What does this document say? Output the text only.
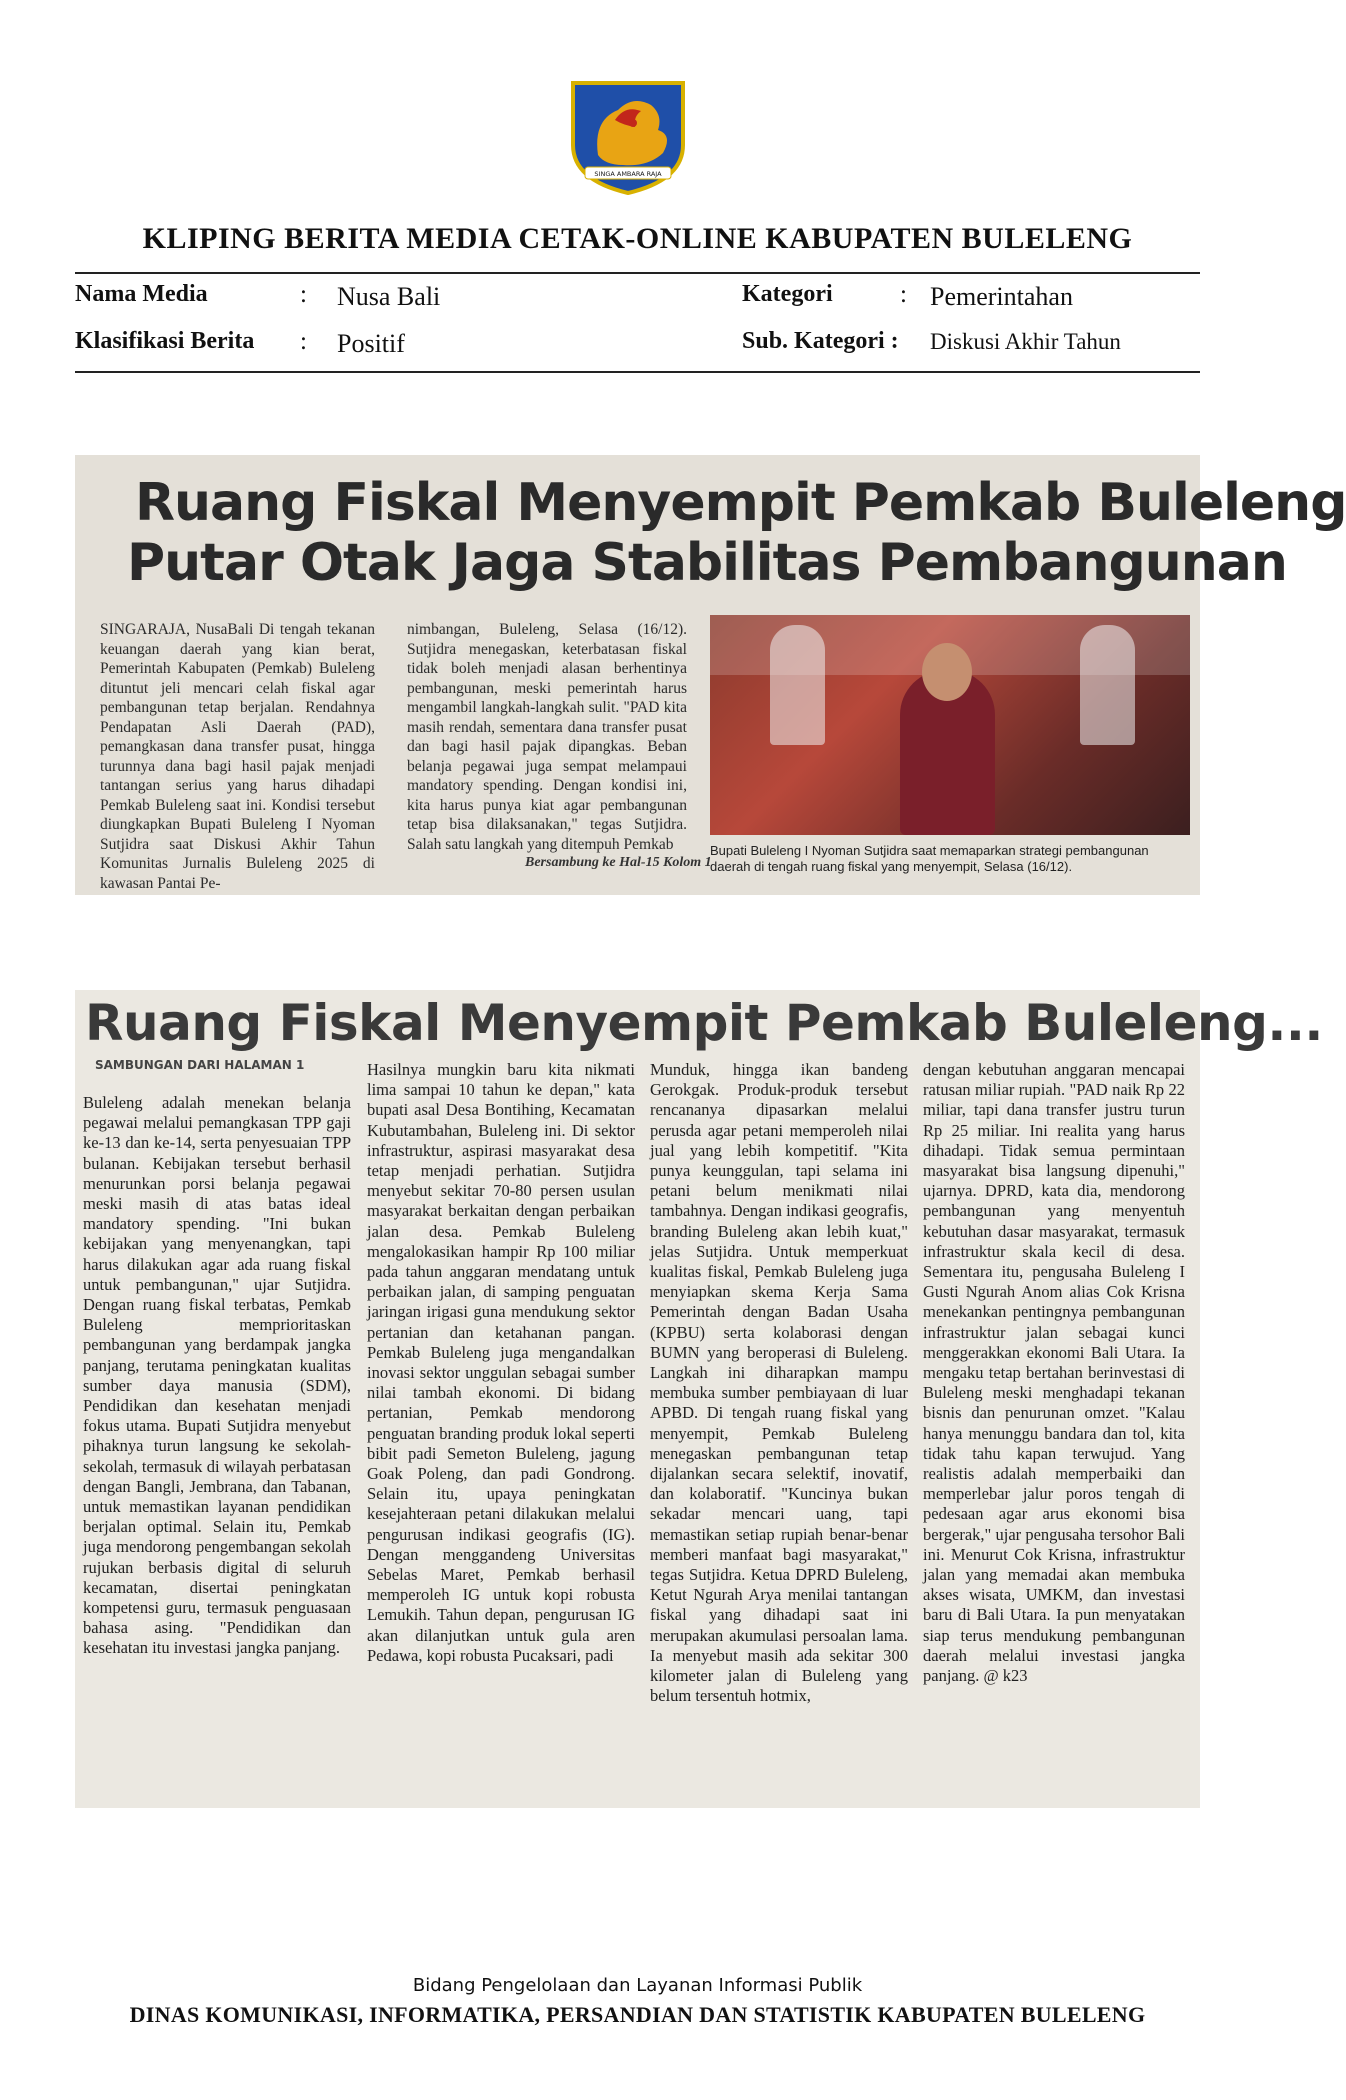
SINGA AMBARA RAJA
KLIPING BERITA MEDIA CETAK-ONLINE KABUPATEN BULELENG
Nama Media	: Nusa Bali
Klasifikasi Berita : Positif
Kategori	: Pemerintahan
Sub. Kategori : Diskusi Akhir Tahun
Ruang Fiskal Menyempit Pemkab Buleleng
Putar Otak Jaga Stabilitas Pembangunan

SINGARAJA, NusaBali Di tengah tekanan keuangan daerah yang kian berat, Pemerintah Kabupaten (Pemkab) Buleleng dituntut jeli mencari celah fiskal agar pembangunan tetap berjalan. Rendahnya Pendapatan Asli Daerah (PAD), pemangkasan dana transfer pusat, hingga turunnya dana bagi hasil pajak menjadi tantangan serius yang harus dihadapi Pemkab Buleleng saat ini. Kondisi tersebut diungkapkan Bupati Buleleng I Nyoman Sutjidra saat Diskusi Akhir Tahun Komunitas Jurnalis Buleleng 2025 di kawasan Pantai Pe-

nimbangan, Buleleng, Selasa (16/12). Sutjidra menegaskan, keterbatasan fiskal tidak boleh menjadi alasan berhentinya pembangunan, meski pemerintah harus mengambil langkah-langkah sulit. "PAD kita masih rendah, sementara dana transfer pusat dan bagi hasil pajak dipangkas. Beban belanja pegawai juga sempat melampaui mandatory spending. Dengan kondisi ini, kita harus punya kiat agar pembangunan tetap bisa dilaksanakan," tegas Sutjidra. Salah satu langkah yang ditempuh Pemkab

Bersambung ke Hal-15 Kolom 1
Bupati Buleleng I Nyoman Sutjidra saat memaparkan strategi pembangunan daerah di tengah ruang fiskal yang menyempit, Selasa (16/12).
Ruang Fiskal Menyempit Pemkab Buleleng...
SAMBUNGAN DARI HALAMAN 1

Buleleng adalah menekan belanja pegawai melalui pemangkasan TPP gaji ke-13 dan ke-14, serta penyesuaian TPP bulanan. Kebijakan tersebut berhasil menurunkan porsi belanja pegawai meski masih di atas batas ideal mandatory spending. "Ini bukan kebijakan yang menyenangkan, tapi harus dilakukan agar ada ruang fiskal untuk pembangunan," ujar Sutjidra. Dengan ruang fiskal terbatas, Pemkab Buleleng memprioritaskan pembangunan yang berdampak jangka panjang, terutama peningkatan kualitas sumber daya manusia (SDM), Pendidikan dan kesehatan menjadi fokus utama. Bupati Sutjidra menyebut pihaknya turun langsung ke sekolah-sekolah, termasuk di wilayah perbatasan dengan Bangli, Jembrana, dan Tabanan, untuk memastikan layanan pendidikan berjalan optimal. Selain itu, Pemkab juga mendorong pengembangan sekolah rujukan berbasis digital di seluruh kecamatan, disertai peningkatan kompetensi guru, termasuk penguasaan bahasa asing. "Pendidikan dan kesehatan itu investasi jangka panjang.

Hasilnya mungkin baru kita nikmati lima sampai 10 tahun ke depan," kata bupati asal Desa Bontihing, Kecamatan Kubutambahan, Buleleng ini. Di sektor infrastruktur, aspirasi masyarakat desa tetap menjadi perhatian. Sutjidra menyebut sekitar 70-80 persen usulan masyarakat berkaitan dengan perbaikan jalan desa. Pemkab Buleleng mengalokasikan hampir Rp 100 miliar pada tahun anggaran mendatang untuk perbaikan jalan, di samping penguatan jaringan irigasi guna mendukung sektor pertanian dan ketahanan pangan. Pemkab Buleleng juga mengandalkan inovasi sektor unggulan sebagai sumber nilai tambah ekonomi. Di bidang pertanian, Pemkab mendorong penguatan branding produk lokal seperti bibit padi Semeton Buleleng, jagung Goak Poleng, dan padi Gondrong. Selain itu, upaya peningkatan kesejahteraan petani dilakukan melalui pengurusan indikasi geografis (IG). Dengan menggandeng Universitas Sebelas Maret, Pemkab berhasil memperoleh IG untuk kopi robusta Lemukih. Tahun depan, pengurusan IG akan dilanjutkan untuk gula aren Pedawa, kopi robusta Pucaksari, padi

Munduk, hingga ikan bandeng Gerokgak. Produk-produk tersebut rencananya dipasarkan melalui perusda agar petani memperoleh nilai jual yang lebih kompetitif. "Kita punya keunggulan, tapi selama ini petani belum menikmati nilai tambahnya. Dengan indikasi geografis, branding Buleleng akan lebih kuat," jelas Sutjidra. Untuk memperkuat kualitas fiskal, Pemkab Buleleng juga menyiapkan skema Kerja Sama Pemerintah dengan Badan Usaha (KPBU) serta kolaborasi dengan BUMN yang beroperasi di Buleleng. Langkah ini diharapkan mampu membuka sumber pembiayaan di luar APBD. Di tengah ruang fiskal yang menyempit, Pemkab Buleleng menegaskan pembangunan tetap dijalankan secara selektif, inovatif, dan kolaboratif. "Kuncinya bukan sekadar mencari uang, tapi memastikan setiap rupiah benar-benar memberi manfaat bagi masyarakat," tegas Sutjidra. Ketua DPRD Buleleng, Ketut Ngurah Arya menilai tantangan fiskal yang dihadapi saat ini merupakan akumulasi persoalan lama. Ia menyebut masih ada sekitar 300 kilometer jalan di Buleleng yang belum tersentuh hotmix,

dengan kebutuhan anggaran mencapai ratusan miliar rupiah. "PAD naik Rp 22 miliar, tapi dana transfer justru turun Rp 25 miliar. Ini realita yang harus dihadapi. Tidak semua permintaan masyarakat bisa langsung dipenuhi," ujarnya. DPRD, kata dia, mendorong pembangunan yang menyentuh kebutuhan dasar masyarakat, termasuk infrastruktur skala kecil di desa. Sementara itu, pengusaha Buleleng I Gusti Ngurah Anom alias Cok Krisna menekankan pentingnya pembangunan infrastruktur jalan sebagai kunci menggerakkan ekonomi Bali Utara. Ia mengaku tetap bertahan berinvestasi di Buleleng meski menghadapi tekanan bisnis dan penurunan omzet. "Kalau hanya menunggu bandara dan tol, kita tidak tahu kapan terwujud. Yang realistis adalah memperbaiki dan memperlebar jalur poros tengah di pedesaan agar arus ekonomi bisa bergerak," ujar pengusaha tersohor Bali ini. Menurut Cok Krisna, infrastruktur jalan yang memadai akan membuka akses wisata, UMKM, dan investasi baru di Bali Utara. Ia pun menyatakan siap terus mendukung pembangunan daerah melalui investasi jangka panjang. @ k23

Bidang Pengelolaan dan Layanan Informasi Publik
DINAS KOMUNIKASI, INFORMATIKA, PERSANDIAN DAN STATISTIK KABUPATEN BULELENG
